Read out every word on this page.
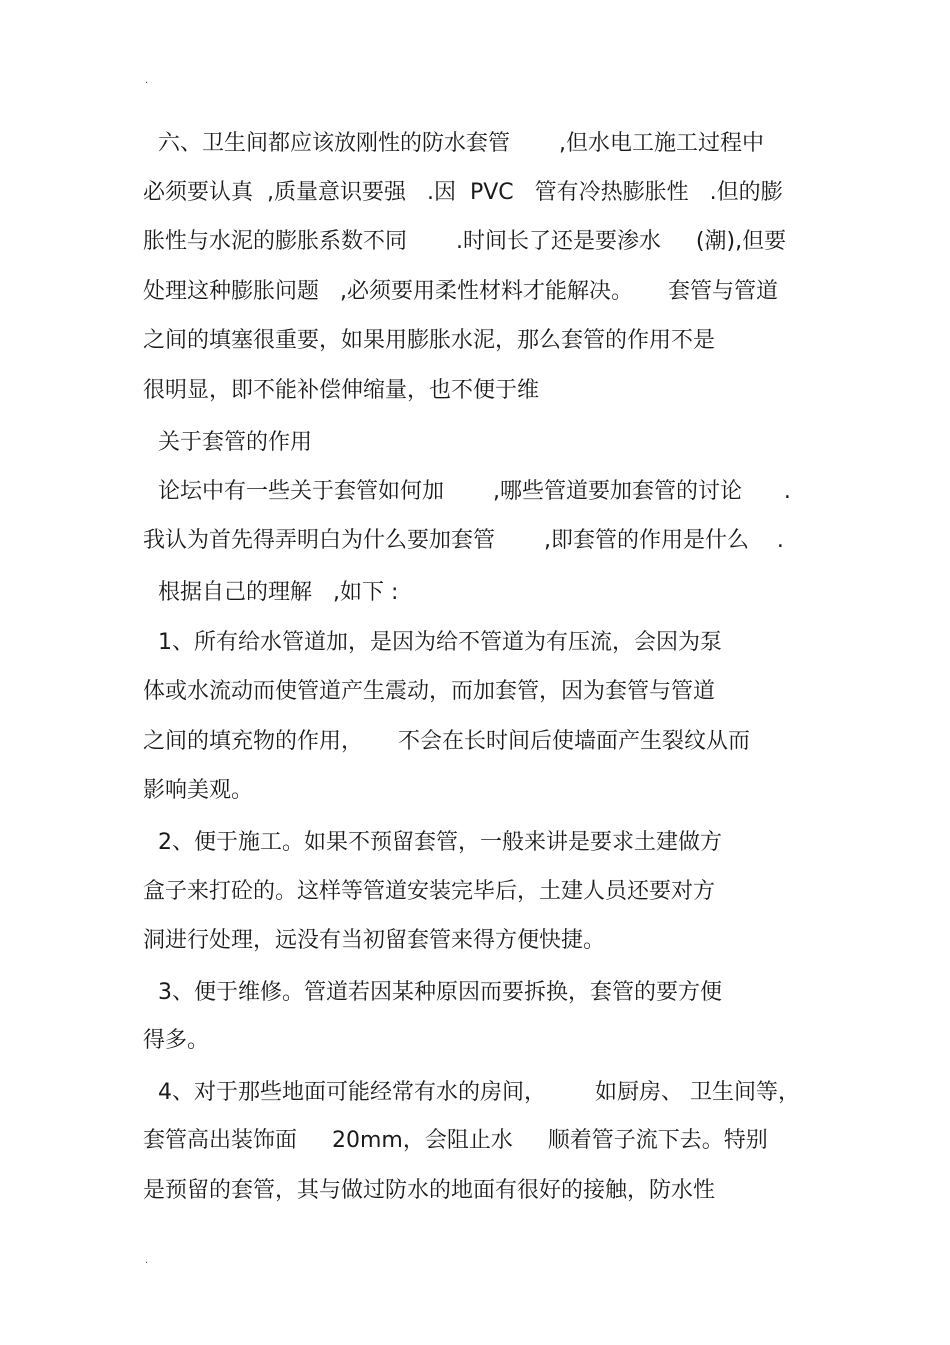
.
六、卫生间都应该放刚性的防水套管       ,但水电工施工过程中
必须要认真  ,质量意识要强   .因  PVC   管有冷热膨胀性   .但的膨
胀性与水泥的膨胀系数不同       .时间长了还是要渗水     (潮),但要
处理这种膨胀问题   ,必须要用柔性材料才能解决。     套管与管道
之间的填塞很重要，如果用膨胀水泥，那么套管的作用不是
很明显，即不能补偿伸缩量，也不便于维
关于套管的作用
论坛中有一些关于套管如何加       ,哪些管道要加套管的讨论      .
我认为首先得弄明白为什么要加套管       ,即套管的作用是什么    .
根据自己的理解   ,如下 :
1、所有给水管道加，是因为给不管道为有压流，会因为泵
体或水流动而使管道产生震动，而加套管，因为套管与管道
之间的填充物的作用，     不会在长时间后使墙面产生裂纹从而
影响美观。
2、便于施工。如果不预留套管，一般来讲是要求土建做方
盒子来打砼的。这样等管道安装完毕后，土建人员还要对方
洞进行处理，远没有当初留套管来得方便快捷。
3、便于维修。管道若因某种原因而要拆换，套管的要方便
得多。
4、对于那些地面可能经常有水的房间，       如厨房、 卫生间等，
套管高出装饰面     20mm，会阻止水     顺着管子流下去。特别
是预留的套管，其与做过防水的地面有很好的接触，防水性
.
